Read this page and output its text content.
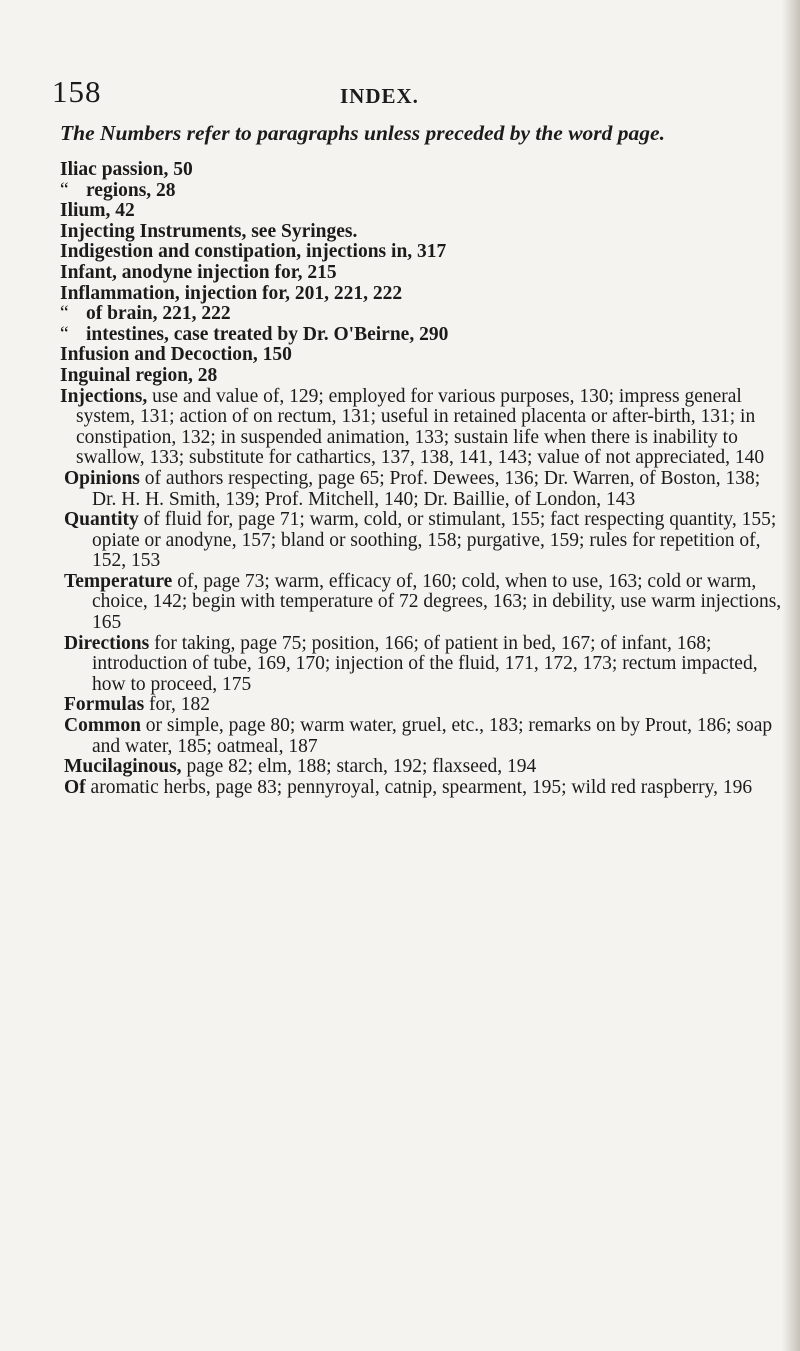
158	INDEX.
The Numbers refer to paragraphs unless preceded by the word page.

Iliac passion, 50

“ regions, 28

Ilium, 42

Injecting Instruments, see Syringes.

Indigestion and constipation, injections in, 317

Infant, anodyne injection for, 215

Inflammation, injection for, 201, 221, 222

“ of brain, 221, 222

“ intestines, case treated by Dr. O'Beirne, 290

Infusion and Decoction, 150

Inguinal region, 28

Injections, use and value of, 129; employed for various purposes, 130; impress general system, 131; action of on rectum, 131; useful in retained placenta or after-birth, 131; in constipation, 132; in suspended animation, 133; sustain life when there is inability to swallow, 133; substitute for cathartics, 137, 138, 141, 143; value of not appreciated, 140

Opinions of authors respecting, page 65; Prof. Dewees, 136; Dr. Warren, of Boston, 138; Dr. H. H. Smith, 139; Prof. Mitchell, 140; Dr. Baillie, of London, 143

Quantity of fluid for, page 71; warm, cold, or stimulant, 155; fact respecting quantity, 155; opiate or anodyne, 157; bland or soothing, 158; purgative, 159; rules for repetition of, 152, 153

Temperature of, page 73; warm, efficacy of, 160; cold, when to use, 163; cold or warm, choice, 142; begin with temperature of 72 degrees, 163; in debility, use warm injections, 165

Directions for taking, page 75; position, 166; of patient in bed, 167; of infant, 168; introduction of tube, 169, 170; injection of the fluid, 171, 172, 173; rectum impacted, how to proceed, 175

Formulas for, 182

Common or simple, page 80; warm water, gruel, etc., 183; remarks on by Prout, 186; soap and water, 185; oatmeal, 187

Mucilaginous, page 82; elm, 188; starch, 192; flaxseed, 194

Of aromatic herbs, page 83; pennyroyal, catnip, spearment, 195; wild red raspberry, 196
